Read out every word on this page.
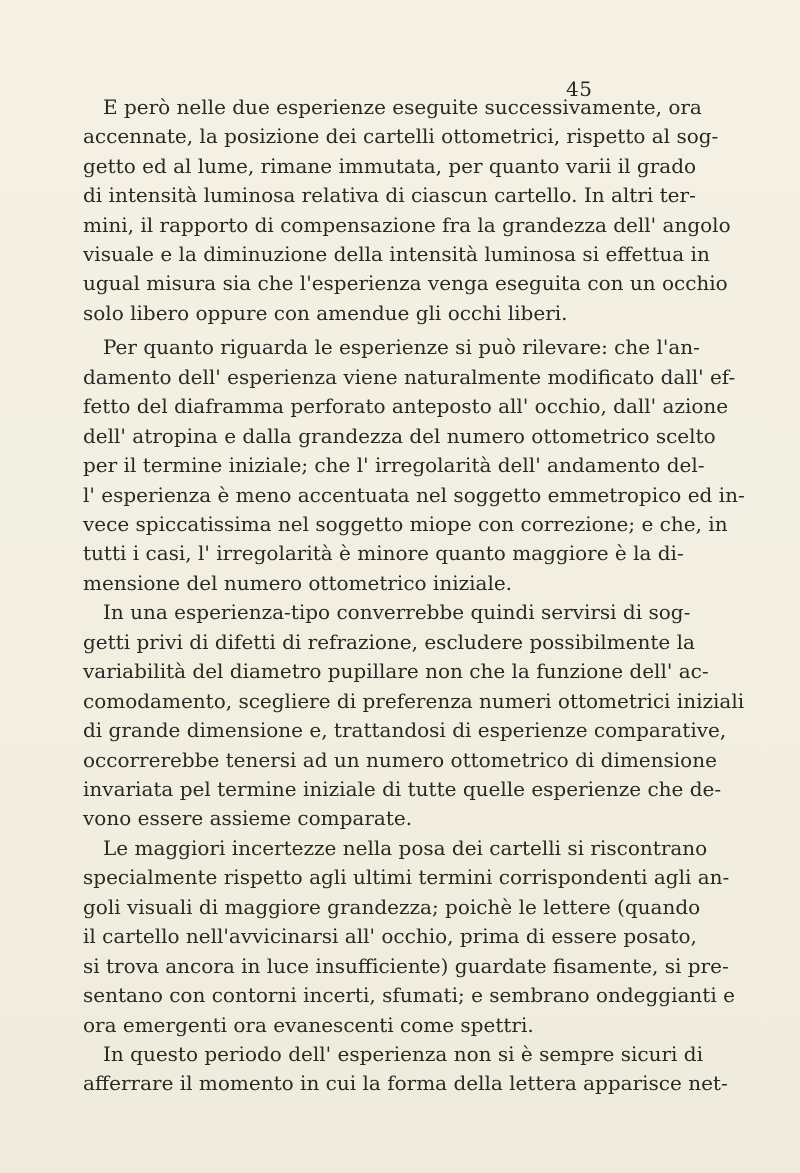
45
E però nelle due esperienze eseguite successivamente, ora
accennate, la posizione dei cartelli ottometrici, rispetto al sog-
getto ed al lume, rimane immutata, per quanto varii il grado
di intensità luminosa relativa di ciascun cartello. In altri ter-
mini, il rapporto di compensazione fra la grandezza dell' angolo
visuale e la diminuzione della intensità luminosa si effettua in
ugual misura sia che l'esperienza venga eseguita con un occhio
solo libero oppure con amendue gli occhi liberi.
Per quanto riguarda le esperienze si può rilevare: che l'an-
damento dell' esperienza viene naturalmente modificato dall' ef-
fetto del diaframma perforato anteposto all' occhio, dall' azione
dell' atropina e dalla grandezza del numero ottometrico scelto
per il termine iniziale; che l' irregolarità dell' andamento del-
l' esperienza è meno accentuata nel soggetto emmetropico ed in-
vece spiccatissima nel soggetto miope con correzione; e che, in
tutti i casi, l' irregolarità è minore quanto maggiore è la di-
mensione del numero ottometrico iniziale.
In una esperienza-tipo converrebbe quindi servirsi di sog-
getti privi di difetti di refrazione, escludere possibilmente la
variabilità del diametro pupillare non che la funzione dell' ac-
comodamento, scegliere di preferenza numeri ottometrici iniziali
di grande dimensione e, trattandosi di esperienze comparative,
occorrerebbe tenersi ad un numero ottometrico di dimensione
invariata pel termine iniziale di tutte quelle esperienze che de-
vono essere assieme comparate.
Le maggiori incertezze nella posa dei cartelli si riscontrano
specialmente rispetto agli ultimi termini corrispondenti agli an-
goli visuali di maggiore grandezza; poichè le lettere (quando
il cartello nell'avvicinarsi all' occhio, prima di essere posato,
si trova ancora in luce insufficiente) guardate fisamente, si pre-
sentano con contorni incerti, sfumati; e sembrano ondeggianti e
ora emergenti ora evanescenti come spettri.
In questo periodo dell' esperienza non si è sempre sicuri di
afferrare il momento in cui la forma della lettera apparisce net-
